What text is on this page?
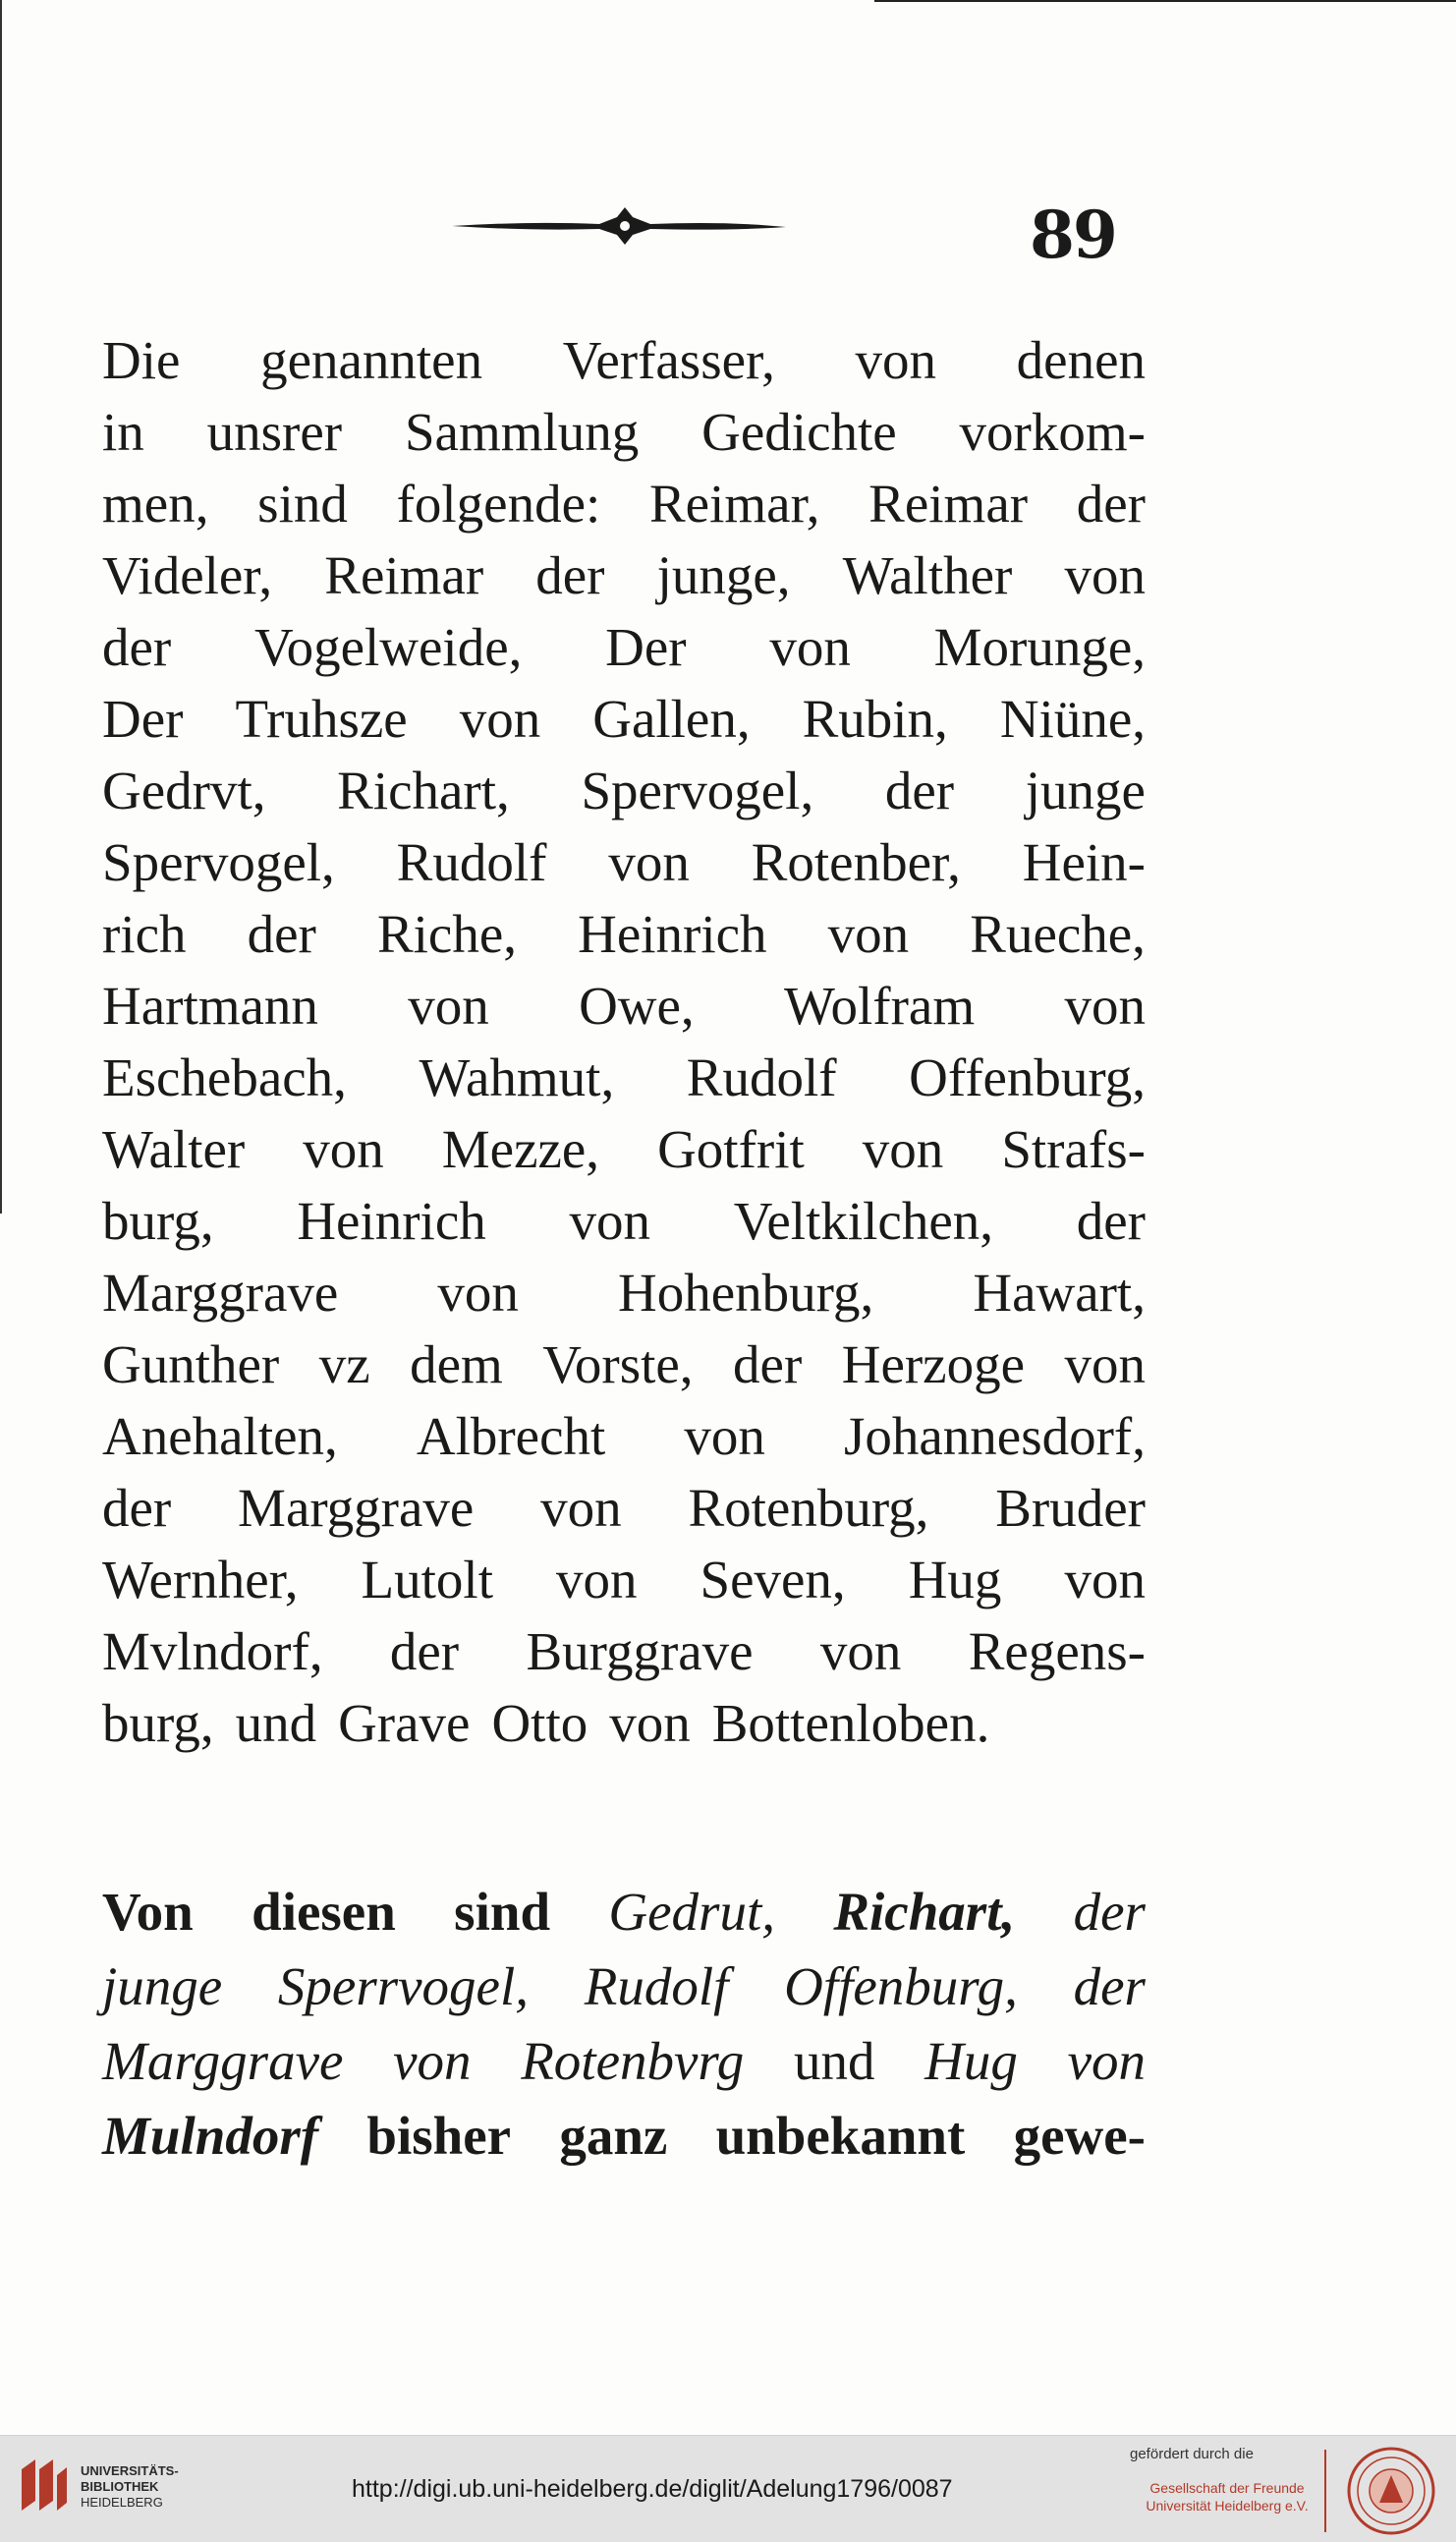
89
Die genannten Verfasser, von denen
in unsrer Sammlung Gedichte vorkom-
men, sind folgende: Reimar, Reimar der
Videler, Reimar der junge, Walther von
der Vogelweide, Der von Morunge,
Der Truhsze von Gallen, Rubin, Niüne,
Gedrvt, Richart, Spervogel, der junge
Spervogel, Rudolf von Rotenber, Hein-
rich der Riche, Heinrich von Rueche,
Hartmann von Owe, Wolfram von
Eschebach, Wahmut, Rudolf Offenburg,
Walter von Mezze, Gotfrit von Strafs-
burg, Heinrich von Veltkilchen, der
Marggrave von Hohenburg, Hawart,
Gunther vz dem Vorste, der Herzoge von
Anehalten, Albrecht von Johannesdorf,
der Marggrave von Rotenburg, Bruder
Wernher, Lutolt von Seven, Hug von
Mvlndorf, der Burggrave von Regens-
burg, und Grave Otto von Bottenloben.
Von diesen sind Gedrut, Richart, der
junge Sperrvogel, Rudolf Offenburg, der
Marggrave von Rotenbvrg und Hug von
Mulndorf bisher ganz unbekannt gewe-
UNIVERSITÄTS-
BIBLIOTHEK
HEIDELBERG	http://digi.ub.uni-heidelberg.de/diglit/Adelung1796/0087
gefördert durch die
Gesellschaft der Freunde
Universität Heidelberg e.V.
